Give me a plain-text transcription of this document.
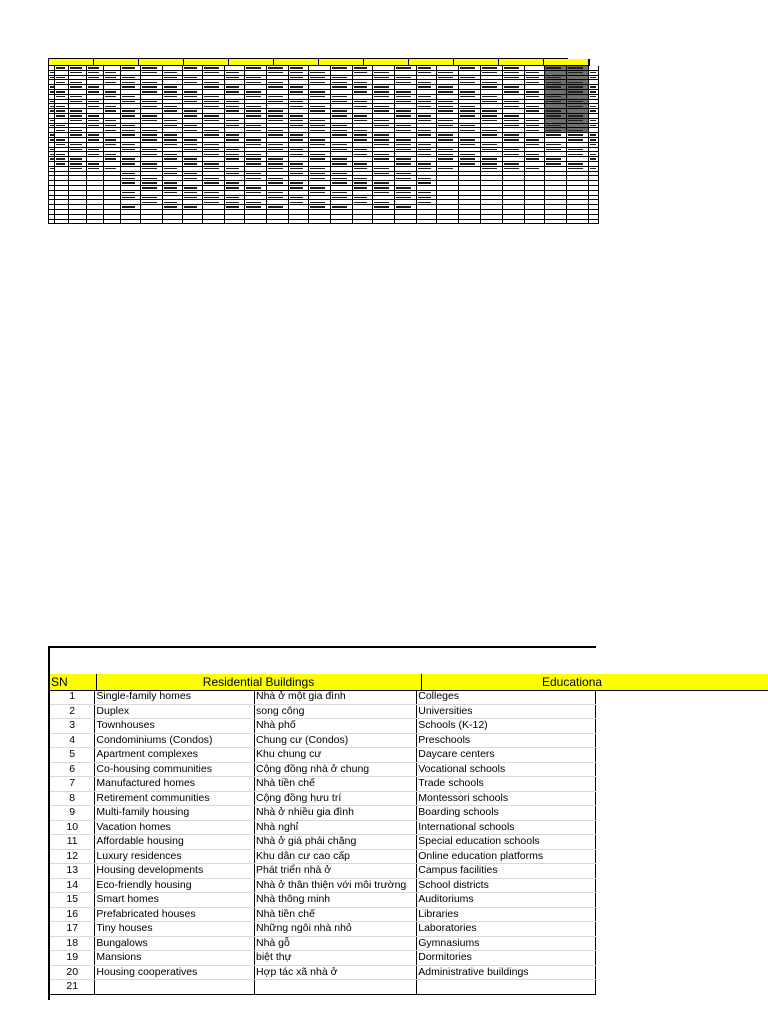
SN	Residential Buildings	Educationa
1	Single-family homes	Nhà ở một gia đình	Colleges
2	Duplex	song công	Universities
3	Townhouses	Nhà phố	Schools (K-12)
4	Condominiums (Condos)	Chung cư (Condos)	Preschools
5	Apartment complexes	Khu chung cư	Daycare centers
6	Co-housing communities	Cộng đồng nhà ở chung	Vocational schools
7	Manufactured homes	Nhà tiền chế	Trade schools
8	Retirement communities	Cộng đồng hưu trí	Montessori schools
9	Multi-family housing	Nhà ở nhiều gia đình	Boarding schools
10	Vacation homes	Nhà nghỉ	International schools
11	Affordable housing	Nhà ở giá phải chăng	Special education schools
12	Luxury residences	Khu dân cư cao cấp	Online education platforms
13	Housing developments	Phát triển nhà ở	Campus facilities
14	Eco-friendly housing	Nhà ở thân thiện với môi trường	School districts
15	Smart homes	Nhà thông minh	Auditoriums
16	Prefabricated houses	Nhà tiền chế	Libraries
17	Tiny houses	Những ngôi nhà nhỏ	Laboratories
18	Bungalows	Nhà gỗ	Gymnasiums
19	Mansions	biệt thự	Dormitories
20	Housing cooperatives	Hợp tác xã nhà ở	Administrative buildings
21			
